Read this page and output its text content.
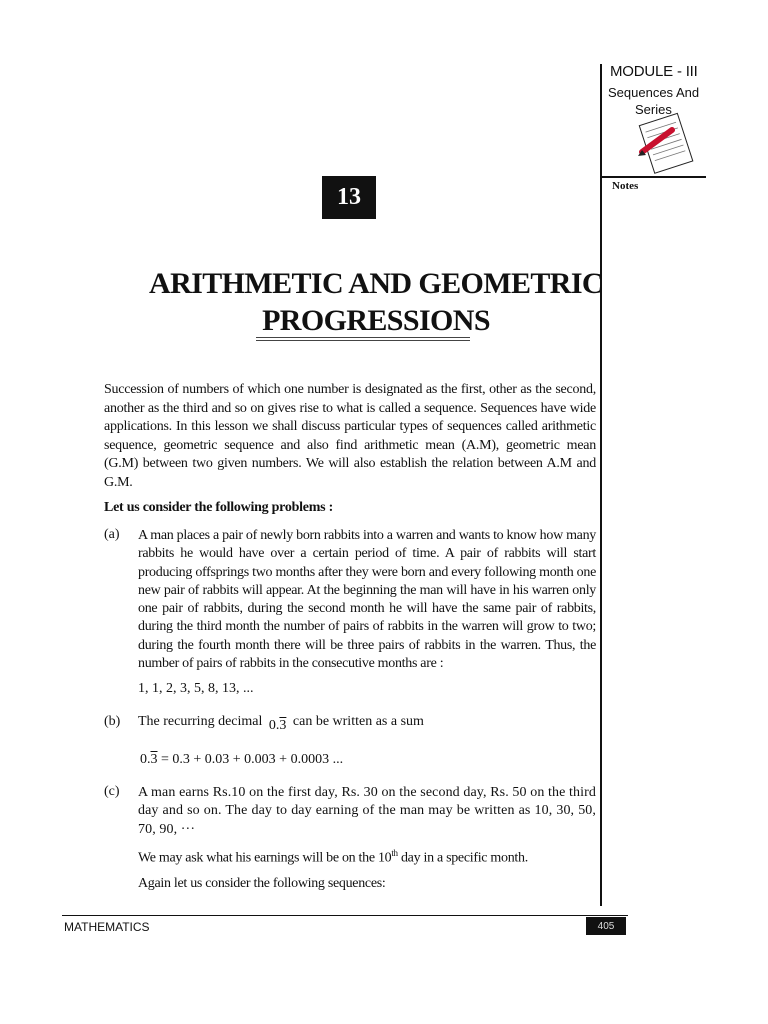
MODULE - III
Sequences And
Series
Notes
13
ARITHMETIC AND GEOMETRIC
PROGRESSIONS
Succession of numbers of which one number is designated as the first, other as the second, another as the third and so on gives rise to what is called a sequence. Sequences have wide applications. In this lesson we shall discuss particular types of sequences called arithmetic sequence, geometric sequence and also find arithmetic mean (A.M), geometric mean (G.M) between two given numbers. We will also establish the relation between A.M and G.M.
Let us consider the following problems :
(a) A man places a pair of newly born rabbits into a warren and wants to know how many rabbits he would have over a certain period of time. A pair of rabbits will start producing offsprings two months after they were born and every following month one new pair of rabbits will appear. At the beginning the man will have in his warren only one pair of rabbits, during the second month he will have the same pair of rabbits, during the third month the number of pairs of rabbits in the warren will grow to two; during the fourth month there will be three pairs of rabbits in the warren. Thus, the number of pairs of rabbits in the consecutive months are :
1, 1, 2, 3, 5, 8, 13, ...
(b) The recurring decimal 0.3 can be written as a sum
0.3 = 0.3 + 0.03 + 0.003 + 0.0003 ...
(c) A man earns Rs.10 on the first day, Rs. 30 on the second day, Rs. 50 on the third day and so on. The day to day earning of the man may be written as 10, 30, 50, 70, 90, ···
We may ask what his earnings will be on the 10th day in a specific month.
Again let us consider the following sequences:
MATHEMATICS	405
